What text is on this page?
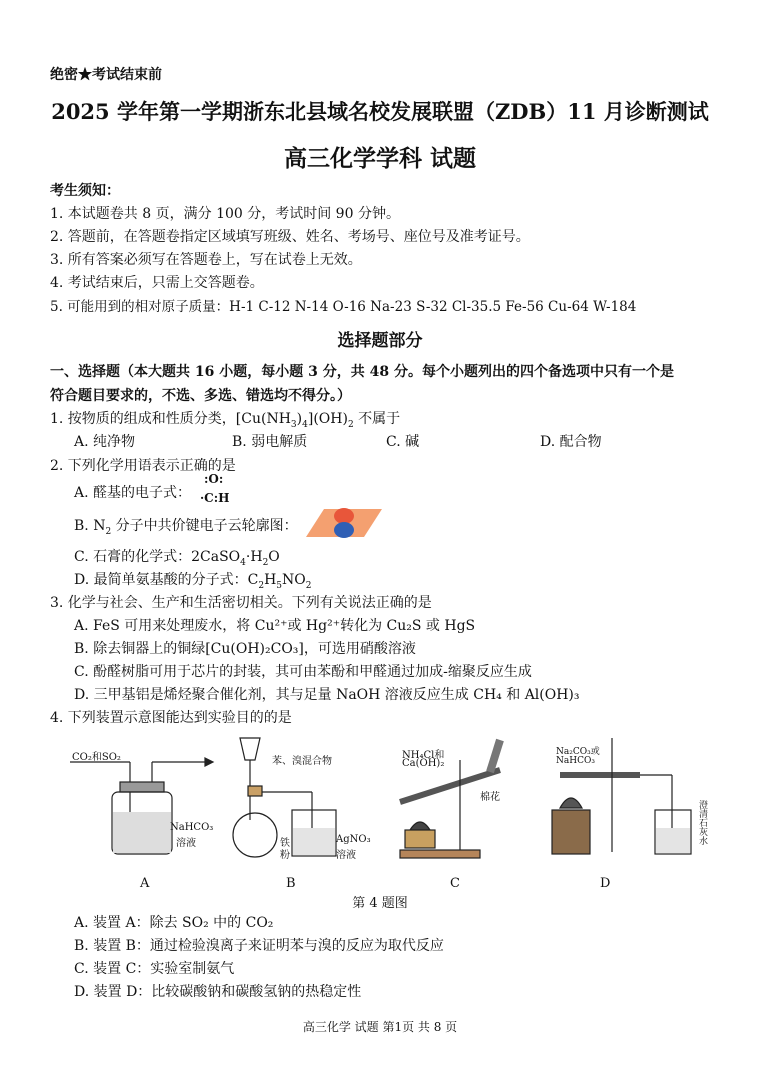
绝密★考试结束前
2025 学年第一学期浙东北县域名校发展联盟（ZDB）11 月诊断测试
高三化学学科 试题
考生须知：
1. 本试题卷共 8 页，满分 100 分，考试时间 90 分钟。
2. 答题前，在答题卷指定区域填写班级、姓名、考场号、座位号及准考证号。
3. 所有答案必须写在答题卷上，写在试卷上无效。
4. 考试结束后，只需上交答题卷。
5. 可能用到的相对原子质量：H-1 C-12 N-14 O-16 Na-23 S-32 Cl-35.5 Fe-56 Cu-64 W-184
选择题部分
一、选择题（本大题共 16 小题，每小题 3 分，共 48 分。每个小题列出的四个备选项中只有一个是
符合题目要求的，不选、多选、错选均不得分。）
1. 按物质的组成和性质分类，$[Cu(NH_3)_4](OH)_2$ 不属于
A. 纯净物	B. 弱电解质	C. 碱	D. 配合物
2. 下列化学用语表示正确的是
A. 醛基的电子式：
:O:
·C:H
B. $N_2$ 分子中共价键电子云轮廓图：
C. 石膏的化学式：$2CaSO_4\cdot H_2O$
D. 最简单氨基酸的分子式：$C_2H_5NO_2$
3. 化学与社会、生产和生活密切相关。下列有关说法正确的是
A. FeS 可用来处理废水，将 Cu²⁺或 Hg²⁺转化为 Cu₂S 或 HgS
B. 除去铜器上的铜绿[Cu(OH)₂CO₃]，可选用硝酸溶液
C. 酚醛树脂可用于芯片的封装，其可由苯酚和甲醛通过加成-缩聚反应生成
D. 三甲基铝是烯烃聚合催化剂，其与足量 NaOH 溶液反应生成 CH₄ 和 Al(OH)₃
4. 下列装置示意图能达到实验目的的是
CO₂和SO₂
NaHCO₃
溶液
苯、溴混合物
铁
粉
AgNO₃
溶液
NH₄Cl和
Ca(OH)₂
棉花
Na₂CO₃或
NaHCO₃
澄清石灰水
A	B	C	D
第 4 题图
A. 装置 A：除去 SO₂ 中的 CO₂
B. 装置 B：通过检验溴离子来证明苯与溴的反应为取代反应
C. 装置 C：实验室制氨气
D. 装置 D：比较碳酸钠和碳酸氢钠的热稳定性
高三化学 试题 第1页 共 8 页
